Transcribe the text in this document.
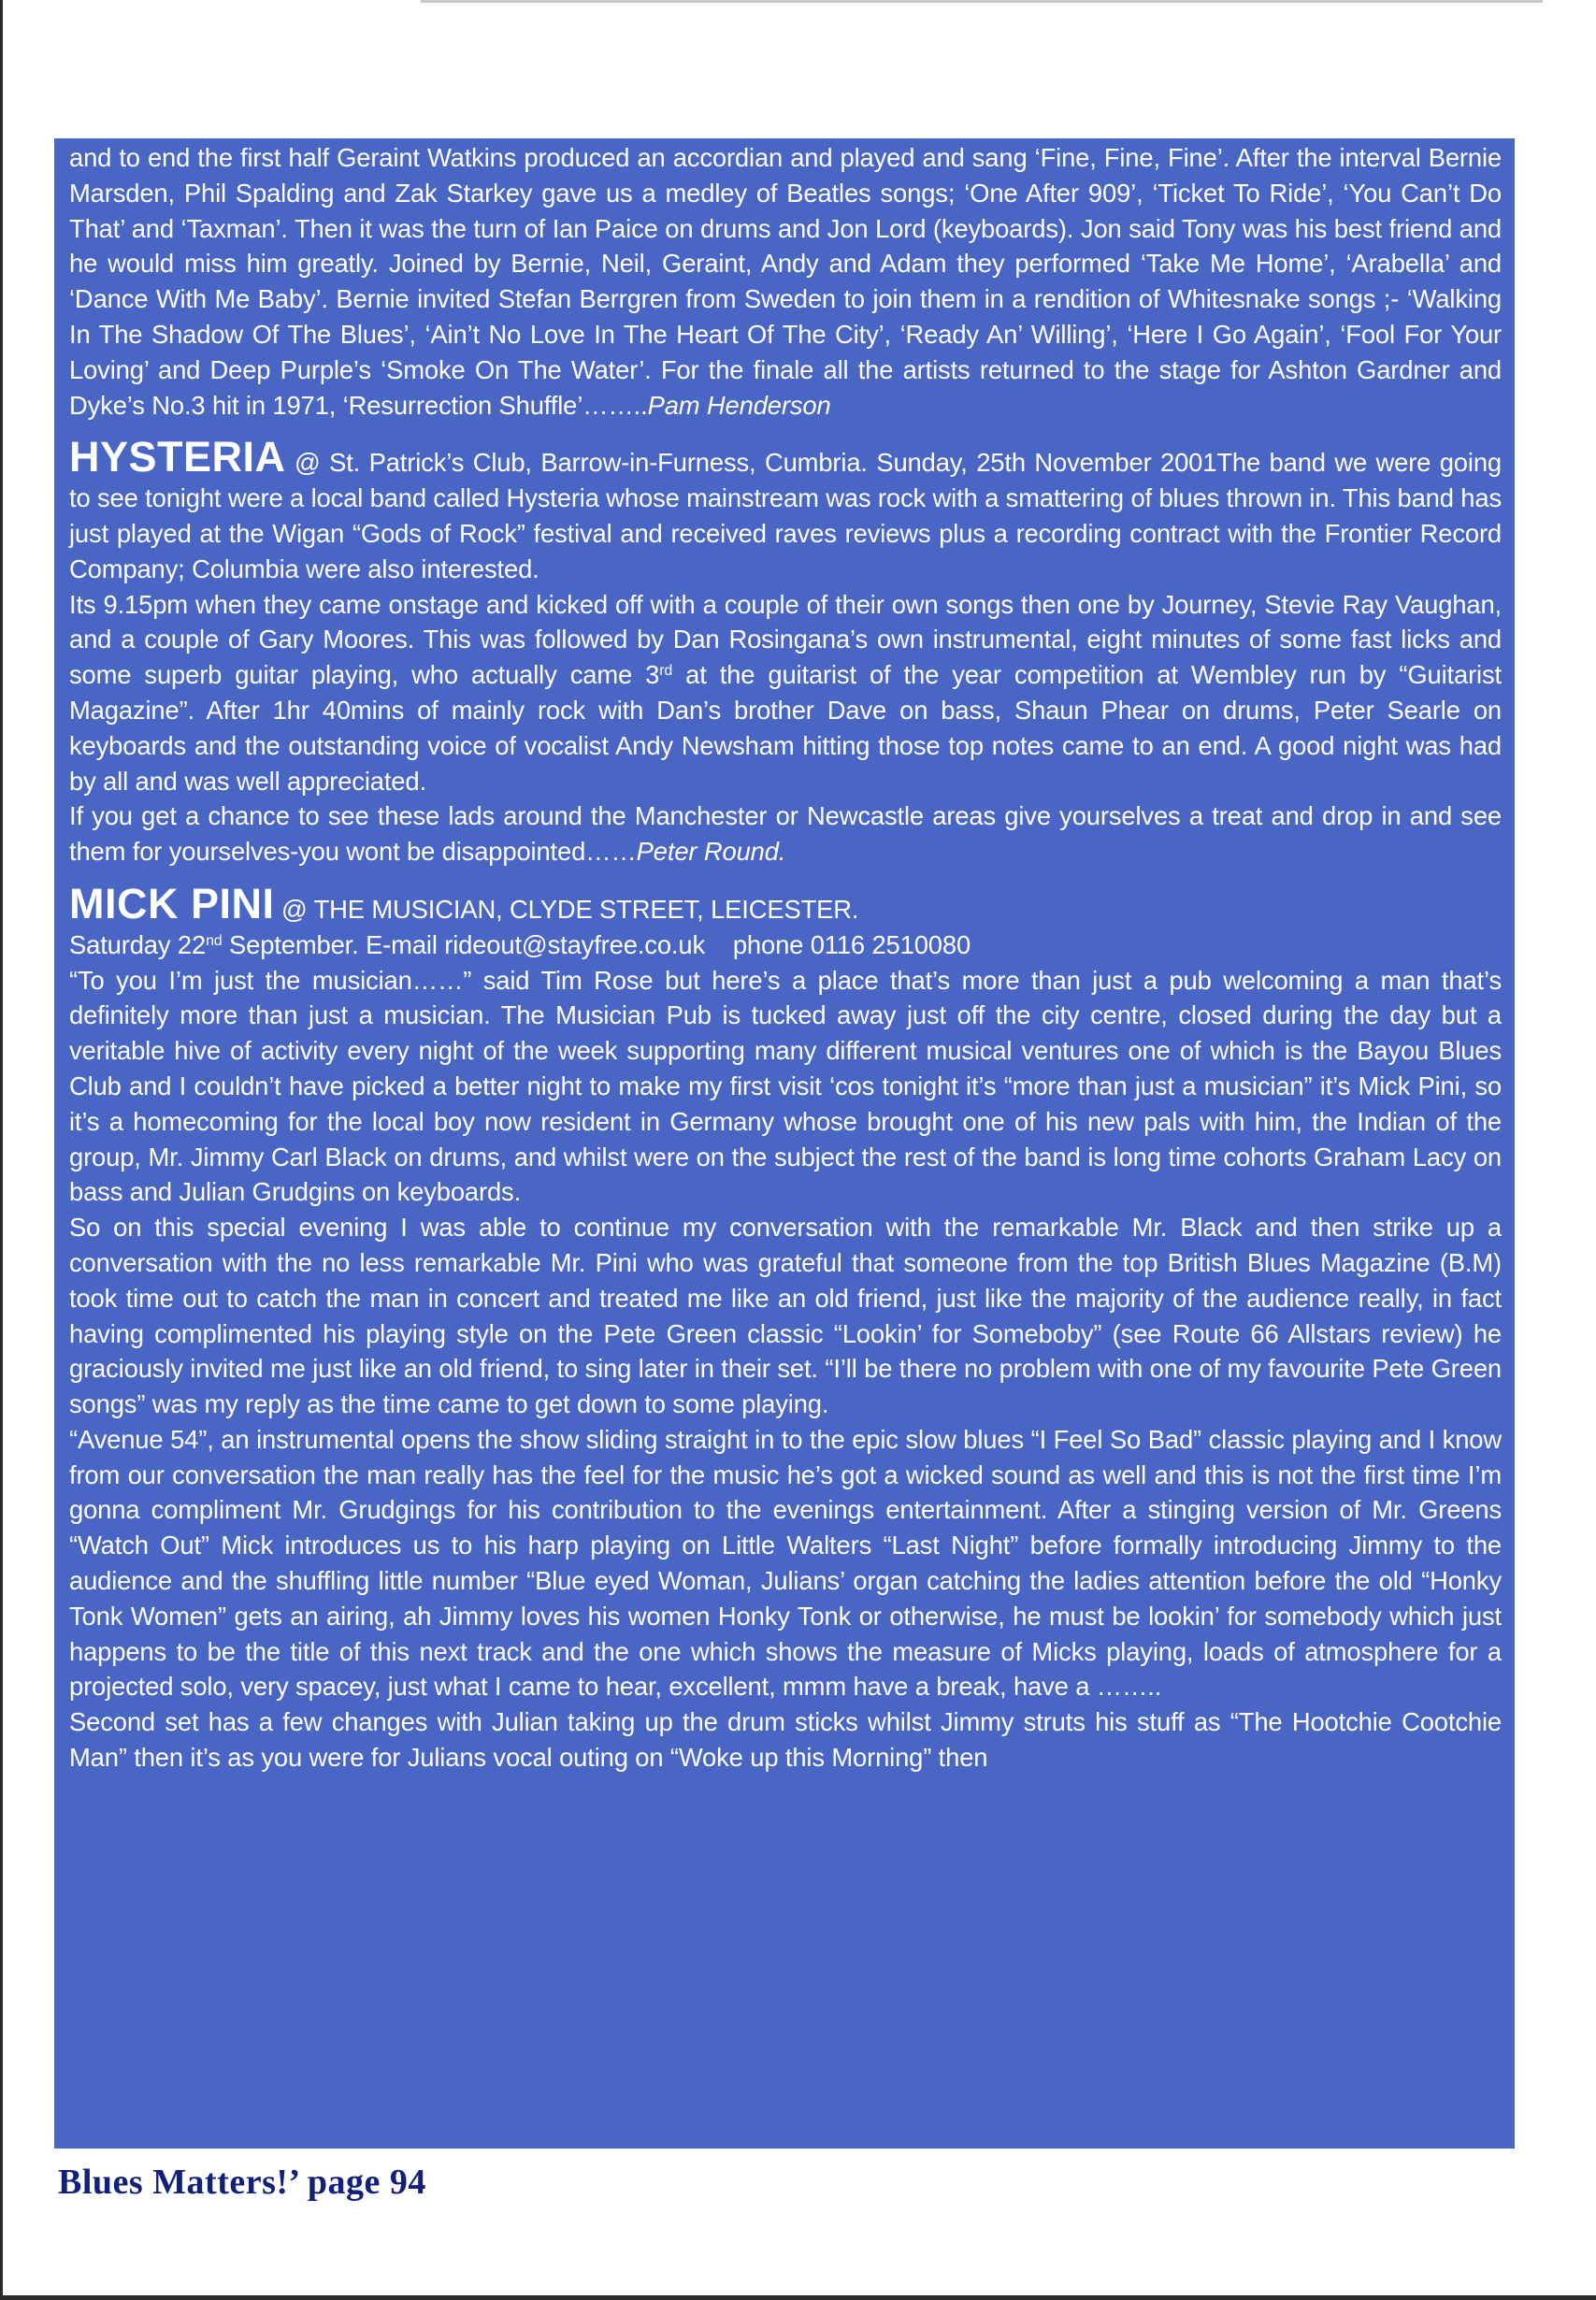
and to end the first half Geraint Watkins produced an accordian and played and sang ‘Fine, Fine, Fine’. After the interval Bernie Marsden, Phil Spalding and Zak Starkey gave us a medley of Beatles songs; ‘One After 909’, ‘Ticket To Ride’, ‘You Can’t Do That’ and ‘Taxman’. Then it was the turn of Ian Paice on drums and Jon Lord (keyboards). Jon said Tony was his best friend and he would miss him greatly. Joined by Bernie, Neil, Geraint, Andy and Adam they performed ‘Take Me Home’, ‘Arabella’ and ‘Dance With Me Baby’. Bernie invited Stefan Berrgren from Sweden to join them in a rendition of Whitesnake songs ;- ‘Walking In The Shadow Of The Blues’, ‘Ain’t No Love In The Heart Of The City’, ‘Ready An’ Willing’, ‘Here I Go Again’, ‘Fool For Your Loving’ and Deep Purple’s ‘Smoke On The Water’. For the finale all the artists returned to the stage for Ashton Gardner and Dyke’s No.3 hit in 1971, ‘Resurrection Shuffle’……..Pam Henderson

HYSTERIA @ St. Patrick’s Club, Barrow-in-Furness, Cumbria. Sunday, 25th November 2001The band we were going to see tonight were a local band called Hysteria whose mainstream was rock with a smattering of blues thrown in. This band has just played at the Wigan “Gods of Rock” festival and received raves reviews plus a recording contract with the Frontier Record Company; Columbia were also interested.

Its 9.15pm when they came onstage and kicked off with a couple of their own songs then one by Journey, Stevie Ray Vaughan, and a couple of Gary Moores. This was followed by Dan Rosingana’s own instrumental, eight minutes of some fast licks and some superb guitar playing, who actually came 3rd at the guitarist of the year competition at Wembley run by “Guitarist Magazine”. After 1hr 40mins of mainly rock with Dan’s brother Dave on bass, Shaun Phear on drums, Peter Searle on keyboards and the outstanding voice of vocalist Andy Newsham hitting those top notes came to an end. A good night was had by all and was well appreciated.

If you get a chance to see these lads around the Manchester or Newcastle areas give yourselves a treat and drop in and see them for yourselves-you wont be disappointed……Peter Round.

MICK PINI @ THE MUSICIAN, CLYDE STREET, LEICESTER.

Saturday 22nd September. E-mail rideout@stayfree.co.uk    phone 0116 2510080

“To you I’m just the musician……” said Tim Rose but here’s a place that’s more than just a pub welcoming a man that’s definitely more than just a musician. The Musician Pub is tucked away just off the city centre, closed during the day but a veritable hive of activity every night of the week supporting many different musical ventures one of which is the Bayou Blues Club and I couldn’t have picked a better night to make my first visit ‘cos tonight it’s “more than just a musician” it’s Mick Pini, so it’s a homecoming for the local boy now resident in Germany whose brought one of his new pals with him, the Indian of the group, Mr. Jimmy Carl Black on drums, and whilst were on the subject the rest of the band is long time cohorts Graham Lacy on bass and Julian Grudgins on keyboards.

So on this special evening I was able to continue my conversation with the remarkable Mr. Black and then strike up a conversation with the no less remarkable Mr. Pini who was grateful that someone from the top British Blues Magazine (B.M) took time out to catch the man in concert and treated me like an old friend, just like the majority of the audience really, in fact having complimented his playing style on the Pete Green classic “Lookin’ for Someboby” (see Route 66 Allstars review) he graciously invited me just like an old friend, to sing later in their set. “I’ll be there no problem with one of my favourite Pete Green songs” was my reply as the time came to get down to some playing.

“Avenue 54”, an instrumental opens the show sliding straight in to the epic slow blues “I Feel So Bad” classic playing and I know from our conversation the man really has the feel for the music he’s got a wicked sound as well and this is not the first time I’m gonna compliment Mr. Grudgings for his contribution to the evenings entertainment. After a stinging version of Mr. Greens “Watch Out” Mick introduces us to his harp playing on Little Walters “Last Night” before formally introducing Jimmy to the audience and the shuffling little number “Blue eyed Woman, Julians’ organ catching the ladies attention before the old “Honky Tonk Women” gets an airing, ah Jimmy loves his women Honky Tonk or otherwise, he must be lookin’ for somebody which just happens to be the title of this next track and the one which shows the measure of Micks playing, loads of atmosphere for a projected solo, very spacey, just what I came to hear, excellent, mmm have a break, have a ……..

Second set has a few changes with Julian taking up the drum sticks whilst Jimmy struts his stuff as “The Hootchie Cootchie Man” then it’s as you were for Julians vocal outing on “Woke up this Morning” then

Blues Matters!’ page 94
